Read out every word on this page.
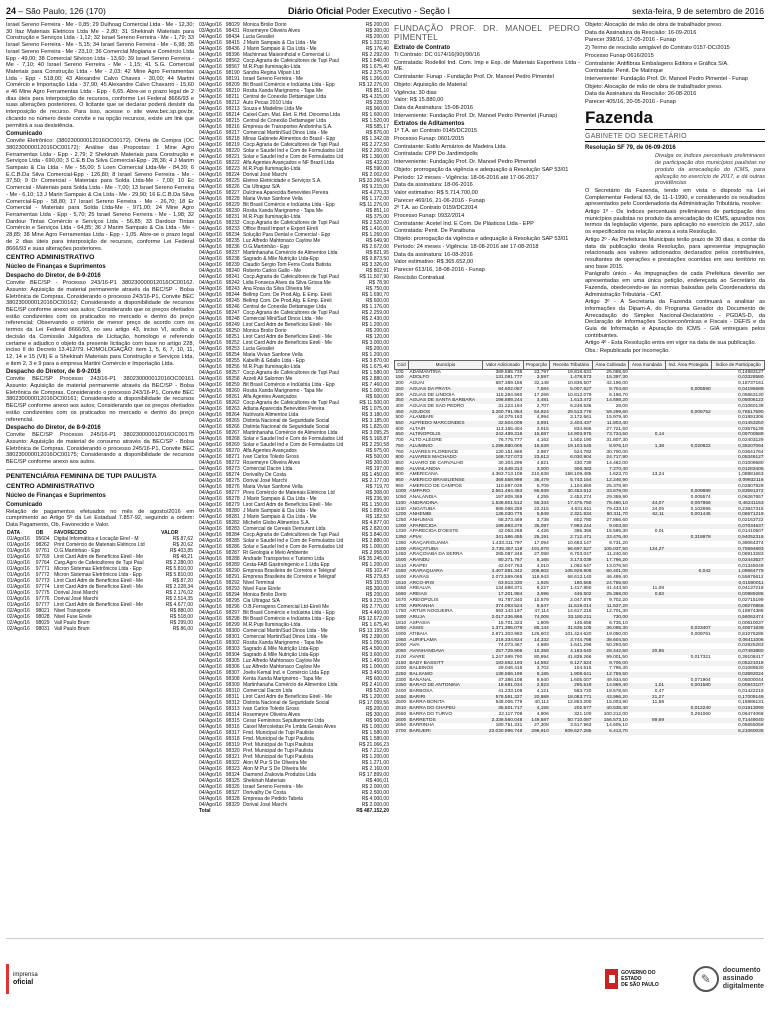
24 – São Paulo, 126 (170)	Diário Oficial Poder Executivo - Seção I	sexta-feira, 9 de setembro de 2016

Israel Sereno Ferreira - Me - 0,85; 29 Dulhoag Comercial Ltda - Me - 12,30; 30 Itaz Materiais Eletricos Ltda Me - 2,80; 31 Shekinah Materiais para Construção e Serviços Ltda - 1,12; 32 Israel Sereno Ferreira - Me - 1,79; 33 Israel Sereno Ferreira - Me - 5,15; 34 Israel Sereno Ferreira - Me - 6,98; 35 Israel Sereno Ferreira - Me - 23,10; 36 Comercial Mogiana e Comércio Ltda Epp - 49,00; 38 Comercial Silvicon Ltda - 13,60; 39 Israel Sereno Ferreira - Me - 7,10; 40 Israel Sereno Ferreira - Me - 1,15; 41 S.G. Comercial Materiais para Construção Ltda - Me - 2,03; 42 Mine Agro Ferramentas Ltda - Epp - 518,00; 43 Alexandre Calvo Chaves - 30,00; 44 Martini Comércio e Importação Ltda - 37,90; 45 Alexandre Calvo Chavarro - 15,60 e 46 Mine Agro Ferramentas Ltda - Epp - 6,65. Abre-se o prazo legal de 2 dias úteis para interposição de recursos, conforme Lei Federal 8666/93 e suas alterações posteriores. O licitante que se declarar poderá desistir da interposição de recurso. Para isso, acesse o site www.bec.sp.gov.br, clicando no número deste convite e na opção recursos, existe um link que permitirá a sua desistência.

Comunicado

Convite Eletrônico: (380230000012016OC00172). Oferta de Compra (OC 380230000012016OC00172): Análise das Propostas: 1 Mine Agro Ferramentas Ltda - Epp - 2,79; 2 Shekinah Materiais para Construção e Serviços Ltda - 690,00; 3 C.E.B.Da Silva Comercial-Epp - 28,36; 4 J Marim Sampaio & Cia Ltda - Me - 55,00; 5 Loen Comercial Ltda-Me - 84,39; 6 E.C.B.Da Silva Comercial-Epp - 126,80; 8 Israel Sereno Ferreira - Me - 37,50; 9 Dr Comercial - Materiais para Solda Ltda-Me - 7,00; 10 Ec Comercial - Materiais para Solda Ltda - Me - 7,00; 13 Israel Sereno Ferreira - Me - 6,10; 13 J Marin Sampaio & Cia Ltda - Me - 29,90; 16 E.C.B.Da Silva Comercial-Epp - 58,80; 17 Israel Sereno Ferreira - Me - 26,70; 18 Er Comercial - Materiais para Solda Ltda-Me - 971,00; 24 Mine Agro Ferramentas Ltda - Epp - 5,70; 25 Israel Sereno Ferreira - Me - 1,98; 32 Dardour Tintas Comércio e Serviços Ltda - 56,85; 33 Dardour Tintas Comércio e Serviços Ltda - 64,85; 36 J Marim Sampaio & Cia Ltda - Me - 28,85; 38 Mine Agro Ferramentas Ltda - Epp - 1,05. Abre-se o prazo legal de 2 dias úteis para interposição de recursos, conforme Lei Federal 8666/93 e suas alterações posteriores.

CENTRO ADMINISTRATIVO
Núcleo de Finanças e Suprimentos
Despacho do Diretor, de 8-9-2016

Convite BEC/SP - Processo 243/16-P1 380230000012016OC00162. Assunto: Aquisição de material permanente através da BEC/SP - Bolsa Eletrônica de Compras. Considerando o processo 243/16-P1, Convite BEC 380230000012016OC00162; Considerando a disponibilidade de recursos BEC/SP conforme anexo aos autos; Considerando que os preços ofertados estão condizentes com os praticados no mercado e dentro do preço referencial; Observando o critério de menor preço de acordo com os termos da Lei Federal 8666/93, no seu artigo 43, inciso VI, acolho a decisão da Comissão Julgadora de Licitação, homologo e referendo certame e adjudico o objeto da presente licitação com base no artigo 228, inciso II do Decreto 13.412/79. HOMOLOGAÇÃO: item 1, 5, 6, 7, 10, 11, 12, 14 e 15 (VII) E a Shekinah Materiais para Construção e Serviços Ltda, e item 2, 3 e 9 para a empresa Martini Comércio e Importação Ltda.

Despacho do Diretor, de 8-9-2016

Convite BEC/SP Processo 243/16-P1 380230000012016OC00161 Assunto: Aquisição de material permanente através da BEC/SP - Bolsa Eletrônica de Compras. Considerando o processo 243/16-P1, Convite BEC 380230000012016OC00161; Considerando a disponibilidade de recursos BEC/SP conforme anexo aos autos; Considerando que os preços ofertados estão condizentes com os praticados no mercado e dentro do preço referencial.

Despacho do Diretor, de 8-9-2016

Convite BEC/SP Processo 245/16-P1 380230000012016OC00175 Assunto: Aquisição de material de consumo através da BEC/SP - Bolsa Eletrônica de Compras. Considerando o processo 245/16-P1, Convite BEC 380230000012016OC00175; Considerando a disponibilidade de recursos BEC/SP conforme anexo aos autos.

PENITENCIÁRIA FEMININA DE TUPI PAULISTA
CENTRO ADMINISTRATIVO
Núcleo de Finanças e Suprimentos
Comunicado

Relação de pagamentos efetuados no mês de agosto/2016 em cumprimento ao Artigo 5º da Lei Estadual 7.857-92, seguindo a ordem: Data Pagamento, Ob, Favorecido e Valor.

DATA	OB	FAVORECIDO	VALOR
01/Ago/16	95604	Digital Informática e Locação Eirel - M	R$ 87,62
01/Ago/16	98262	Print Comércio de Materiais Elétricos Ltd	R$ 20,62
01/Ago/16	97761	O.G.Martinhao - Epp	R$ 403,85
01/Ago/16	97769	Lirot Card Adm de Benefícios Eireli - Me	R$ 48,21
01/Ago/16	97764	Carg.Agro de Cafeicultores de Tupi Paul	R$ 2.280,00
01/Ago/16	97771	Micron Sistemas Eletrônicos Ltda - Epp	R$ 5.810,00
01/Ago/16	97772	Micron Sistemas Eletrônicos Ltda - Epp	R$ 5.810,00
01/Ago/16	97773	Lirot Card Adm de Benefícios Eireli - Me	R$ 87,20
01/Ago/16	97774	Lirot Card Adm de Benefícios Eireli - Me	R$ 2.228,34
01/Ago/16	97775	Dorival José Marchi	R$ 2.176,02
01/Ago/16	97776	Dorival José Marchi	R$ 2.514,35
01/Ago/16	97777	Lirot Card Adm de Benefícios Eireli - Me	R$ 4.677,00
02/Ago/16	98021	Nivel Transporte	R$ 880,00
02/Ago/16	98028	Nivel Fuse Eirele	R$ 518,00
02/Ago/16	98029	Vall Paulo Brum	R$ 299,00
02/Ago/16	98031	Vall Paulo Brum	R$ 86,00
03/Ago/16	98029	Monica Brolio Dorio	R$ 200,00
03/Ago/16	98431	Rosemeyre Oliveira Alves	R$ 300,00
04/Ago/16	98434	Lucia Gessilei	R$ 200,00
04/Ago/16	98415	J Marin Sampaio & Cia Ltda - Me	R$ 1.332,50
04/Ago/16	98436	J Marin Sampaio & Cia Ltda - Me	R$ 176,40
04/Ago/16	98396	Machinnas Maisonthcial e Comercial Li	R$ 2.292,00
04/Ago/16	98562	Cocp.Agraria de Cafeicultores de Tupi Paul	R$ 1.840,00
04/Ago/16	98567	M.R.Pupi Iluminação-Ltda	R$ 1.675,40
04/Ago/16	98190	Sandra Regina Vilpan Ltd	R$ 2.375,00
04/Ago/16	98191	Israel Sereno Ferreira - Me	R$ 1.266,00
04/Ago/16	98209	Bit Brasil Comércio e Indústria Ltda - Epp	R$ 12.276,00
04/Ago/16	98210	Rosita Xanda Marignomo - Tapa Me	R$ 851,10
04/Ago/16	98211	Central de Conexão Dettamager Ltda	R$ 4.315,00
04/Ago/16	98212	Auto Pecas 2010 Ltda	R$ 228,00
04/Ago/16	98213	Souza e Madeline Ltda Me	R$ 960,00
04/Ago/16	98214	Caixel Cam. Mat. Elet. E Hid. Diocema Ltda	R$ 1.600,00
04/Ago/16	98215	Central de Conexão Dettamager Ltda	R$ 1.520,00
04/Ago/16	98216	Empresa de Transportes Andorinha S.A.	R$ 585,17
04/Ago/16	98217	Comercial Martin/Sud Dinos Ltda - Me	R$ 876,00
04/Ago/16	98218	Minas Gabinete Alimentos do Brasil - Epp	R$ 1.342,08
04/Ago/16	98219	Cocp.Agraria de Cafeicultores de Tupi Paul	R$ 2.272,50
04/Ago/16	98220	Solar e Saudel Ind e Com de Formulados Ltd	R$ 2.200,00
04/Ago/16	98221	Solar e Saudel Ind e Com de Formulados Ltd	R$ 1.360,00
04/Ago/16	98222	Alfa Agentes Avançados e NF Brazil Ltda	R$ 432,00
04/Ago/16	98223	M.R.Pupi Iluminação-Ltda	R$ 590,00
04/Ago/16	98224	Dorival José Marchi	R$ 2.002,00
04/Ago/16	98225	Eletrex Eletricidade e Serviços S.A.	R$ 33.260,54
04/Ago/16	98226	Cia Ultragaz S/A	R$ 9.215,00
04/Ago/16	98227	Dulcinea Aparecida Benevides Pereira	R$ 4.270,33
04/Ago/16	98228	Maria Vivian Sanfone Vella	R$ 1.172,00
04/Ago/16	98229	Bit Brasil Comércio e Indústria Ltda - Epp	R$ 11.276,00
04/Ago/16	98230	Rosita Xanda Marignomo - Tapa Me	R$ 851,10
04/Ago/16	98231	M.R.Pupi Iluminação-Ltda	R$ 375,00
04/Ago/16	98232	Cocp.Agraria de Cafeicultores de Tupi Paul	R$ 2.520,00
04/Ago/16	98233	Office Brasil Import e Export Eireli	R$ 1.416,00
04/Ago/16	98234	Solução Para Dental e Comercial - Epp	R$ 1.260,00
04/Ago/16	98235	Luz Alfredo Mahtonaco Caylow Me	R$ 649,90
04/Ago/16	98236	O.G.Martinhão - Epp	R$ 2.672,00
04/Ago/16	98237	Martinhanaha Comércio de Alimentos Ltda	R$ 821,95
04/Ago/16	98238	Sagrado & Mile Nutrição Ltda-Epp	R$ 9.873,50
04/Ago/16	98239	Claudio Sergio Tom Ferra Costa Batista	R$ 3.326,00
04/Ago/16	98240	Roberto Carlos Gallo - Me	R$ 802,91
04/Ago/16	98241	Cocp.Agraria de Cafeicultores de Tupi Paul	R$ 11.507,90
04/Ago/16	98242	Lidia Fonseca Alves da Silva Grissa Me	R$ 78,90
04/Ago/16	98243	Ana Rosa da Silva Oliveira Me	R$ 750,00
04/Ago/16	98244	Bellmp Com. De Prod.Alg. E Emp. Eireli	R$ 1.690,70
04/Ago/16	98245	Bellmp Com. De Prod.Alg. E Emp. Eireli	R$ 600,00
04/Ago/16	98246	Central de Conexão Dettamager Ltda	R$ 1.176,00
04/Ago/16	98247	Cocp.Agraria de Cafeicultores de Tupi Paul	R$ 2.259,00
04/Ago/16	98248	Comercial Mini/Sud Dinos Ltda - Me	R$ 2.430,00
04/Ago/16	98249	Lirot Card Adm de Benefícios Eireli - Me	R$ 1.200,00
04/Ago/16	98250	Monica Brolio Dorio	R$ 200,00
04/Ago/16	98251	Lirot Card Adm de Benefícios Eireli - Me	R$ 120,00
04/Ago/16	98252	Lirot Card Adm de Benefícios Eireli - Me	R$ 3.000,00
04/Ago/16	98253	Lucia Gessilei	R$ 200,00
04/Ago/16	98254	Maria Vivian Sanfone Vella	R$ 1.200,00
04/Ago/16	98255	Kabellh & Gdallo Ltda - Epp	R$ 3.870,00
04/Ago/16	98256	M.R.Pupi Iluminação-Ltda	R$ 1.675,40
04/Ago/16	98257	Cocp.Agraria de Cafeicultores de Tupi Paul	R$ 1.580,00
04/Ago/16	98258	Azzeli Ali Salomon Me	R$ 2.880,00
04/Ago/16	98259	Bit Brasil Comércio e Indústria Ltda - Epp	R$ 7.460,00
04/Ago/16	98260	Rosita Xanda Marignomo - Tapa Me	R$ 1.000,00
04/Ago/16	98261	Alfa Agentes Avançados	R$ 600,00
04/Ago/16	98262	Cocp.Agraria de Cafeicultores de Tupi Paul	R$ 11.500,00
04/Ago/16	98263	Adiana Aparecida Benevides Pereira	R$ 1.075,00
04/Ago/16	98264	Nutrivaris Alimentos Ltda	R$ 3.180,00
04/Ago/16	98265	Distinta Nacional de Seguridade Social	R$ 3.185,00
04/Ago/16	98266	Distinta Nacional de Seguridade Social	R$ 1.825,00
04/Ago/16	98267	Martinhanaha Comércio de Alimentos Ltda	R$ 3.095,25
04/Ago/16	98268	Solar e Saudel Ind e Com de Formulados Ltd	R$ 5.168,87
04/Ago/16	98269	Solar e Saudel Ind e Com de Formulados Ltd	R$ 2.250,58
04/Ago/16	98270	Alfa Agentes Avançados	R$ 975,00
04/Ago/16	98271	Ivan Carlos Toledo Gross	R$ 500,00
04/Ago/16	98272	Rosemeyre Oliveira Alves	R$ 300,00
04/Ago/16	98273	Comercial Dacon Ltda	R$ 197,00
04/Ago/16	98274	Dorivalhy De Costa	R$ 1.450,00
04/Ago/16	98275	Dorival José Marchi	R$ 2.177,00
04/Ago/16	98276	Maria Vivian Sanfone Vella	R$ 719,70
04/Ago/16	98277	Pires Comércio de Materiais Elétricos Ltd	R$ 308,00
04/Ago/16	98278	J Marin Sampaio & Cia Ltda - Me	R$ 236,90
04/Ago/16	98279	Lirot Card Adm de Benefícios Eireli - Me	R$ 1.150,00
04/Ago/16	98280	J Marin Sampaio & Cia Ltda - Me	R$ 1.899,00
04/Ago/16	98281	J Marin Sampaio & Cia Ltda - Me	R$ 182,50
04/Ago/16	98282	Michelin Globo Alimentos S.A.	R$ 4.877,00
04/Ago/16	98283	Comercial de Cereais Demurant Ltda	R$ 2.820,00
04/Ago/16	98284	Cocp.Agraria de Cafeicultores de Tupi Paul	R$ 3.840,00
04/Ago/16	98285	Solar e Saudel Ind e Com de Formulados Ltd	R$ 2.880,00
04/Ago/16	98286	Solar e Saudel Ind e Com de Formulados Ltd	R$ 1.000,00
04/Ago/16	98287	Rt Geologia e Meio Ambiente	R$ 2.958,00
04/Ago/16	98288	Andrade Transportes e Turismo Ltda	R$ 35.245,00
04/Ago/16	98289	Cesta-FAB Gastroingenio e 1 Ltda Epp	R$ 1.200,00
04/Ago/16	98290	Empresa Brasileira de Correios e Telégraf	R$ 102,47
04/Ago/16	98291	Empresa Brasileira de Correios e Telégraf	R$ 279,83
04/Ago/16	98292	Nivel Terminal	R$ 150,00
04/Ago/16	98293	Nivel Fuse Eirele	R$ 300,00
04/Ago/16	98294	Monica Brolio Dorio	R$ 200,00
04/Ago/16	98295	Cia Ultragaz S/A	R$ 9.215,00
04/Ago/16	98296	O.B.Ferragens Comercial Ltd-Eireli Me	R$ 2.770,00
04/Ago/16	98297	Bit Brasil Comércio e Indústria Ltda - Epp	R$ 4.460,00
04/Ago/16	98298	Bit Brasil Comércio e Indústria Ltda - Epp	R$ 12.672,00
04/Ago/16	98299	M.R.Pupi Iluminação-Ltda	R$ 1.675,40
04/Ago/16	98300	Comercial Martin/Sud Dinos Ltda - Me	R$ 13.199,56
04/Ago/16	98301	Comercial Martin/Sud Dinos Ltda - Me	R$ 2.390,00
04/Ago/16	98302	Rosita Xanda Marignomo - Tapa Me	R$ 1.050,00
04/Ago/16	98303	Sagrado & Mile Nutrição Ltda-Epp	R$ 4.500,00
04/Ago/16	98304	Sagrado & Mile Nutrição Ltda-Epp	R$ 3.600,00
04/Ago/16	98305	Luz Alfredo Mahtonaco Caylow Me	R$ 1.450,00
04/Ago/16	98306	Luz Alfredo Mahtonaco Caylow Me	R$ 1.000,00
04/Ago/16	98307	Joelis Kemal Ind. e Comércio Ltda Epp	R$ 3.450,00
04/Ago/16	98308	Kenta Xanda Marignomo - Tapa Me	R$ 600,00
04/Ago/16	98309	Martinhanaha Comércio de Alimentos Ltda	R$ 2.410,00
04/Ago/16	98310	Comercial Dacon Ltda	R$ 520,00
04/Ago/16	98311	Lirot Card Adm de Benefícios Eireli - Me	R$ 1.200,00
04/Ago/16	98312	Distinta Nacional de Seguridade Social	R$ 17.099,56
04/Ago/16	98313	Ivan Carlos Toledo Gross	R$ 200,00
04/Ago/16	98314	Rosemeyre Oliveira Alves	R$ 300,00
04/Ago/16	98315	Cesar Femininos Sepultamento Ltda	R$ 900,00
04/Ago/16	98316	Caixel Mercoleitas Pe Lmtda Gerais Alves	R$ 1.000,00
04/Ago/16	98317	Fmd. Municipal de Tupi Paulista	R$ 1.580,00
04/Ago/16	98318	Fmd. Municipal de Tupi Paulista	R$ 1.580,00
04/Ago/16	98319	Pref. Municipal de Tupi Paulista	R$ 21.066,23
04/Ago/16	98320	Pref. Municipal de Tupi Paulista	R$ 7.212,00
04/Ago/16	98321	Pref. Municipal de Tupi Paulista	R$ 1.200,00
04/Ago/16	98322	Alon M Pur S De Oliveira Me	R$ 1.271,00
04/Ago/16	98323	Alon M Pur S De Oliveira Me	R$ 2.160,00
04/Ago/16	98324	Diamond Zrakovia Produtos Ltda	R$ 17.899,00
04/Ago/16	98325	Shekinah Materiais	R$ 406,01
04/Ago/16	98326	Israel Sereno Ferreira - Me	R$ 2.000,00
04/Ago/16	98327	Dorivalhy De Costa	R$ 2.500,00
04/Ago/16	98328	Empresa de Pedido Tabela	R$ 4.000,00
04/Ago/16	98329	Dorival José Marchi	R$ 2.000,00
Total			R$ 487.152,20
FUNDAÇÃO PROF. DR. MANOEL PEDRO PIMENTEL
Extrato de Contrato

Ti Contrato: DC 0174/16(90)/90/16

Contratada: Rodellol Ind. Com. Imp e Exp. de Materiais Esportivos Ltda - ME.

Contratante: Funap - Fundação Prof. Dr. Manoel Pedro Pimentel

Objeto: Aquisição de Material

Vigência: 30 dias

Valor: R$ 15.880,00

Data da Assinatura: 15-08-2016

Interveniente: Fundação Prof. Dr. Manoel Pedro Pimentel (Funap)

Extratos de Aditamentos

1º T.A. ao Contrato 0145/DC2015

Processo Funap: 0601/2015

Contratante: Estilo Armários de Madeira Ltda

Contratada: CPP Do Jardimópolis

Interveniente: Fundação Prof. Dr. Manoel Pedro Pimentel

Objeto: prorrogação da vigência e adequação à Resolução SAP 53/01

Período: 12 meses - Vigência: 18-06-2016 até 17-06-2017

Data da assinatura: 18-06-2016

Valor estimativo: R$ 5.714.700,00

Parecer 469/16, 21-06-2016 - Funap

2º T.A. ao Contrato 0159/DC2014

Processo Funap: 0932/2014

Contratante: Acetel Ind. E Com. De Plásticos Ltda - EPP

Contratada: Penit. De Paraibuna

Objeto: prorrogação da vigência e adequação à Resolução SAP 53/01

Período: 24 meses - Vigência: 18-08-2016 até 17-08-2018

Data da assinatura: 16-08-2016

Valor estimativo: R$ 365.652,00

Parecer 613/16, 18-08-2016 - Funap

Rescisão Contratual

Objeto: Alocação de mão de obra de trabalhador preso.

Data da Assinatura da Rescisão: 16-09-2016

Parecer 398/16, 17-05-2016 - Funap

2) Termo de rescisão amigável do Contrato 0157-DC/2015

Processo Funap 0616/2015

Contratante: Antifibras Embalagens Editora e Gráfica S/A.

Contratada: Penit. De Maiinque

Interveniente: Fundação Prof. Dr. Manoel Pedro Pimentel - Funap

Objeto: Alocação de mão de obra de trabalhador preso.

Data da Assinatura da Rescisão: 26-08-2016

Parecer 405/16, 20-05-2016 - Funap

Fazenda
GABINETE DO SECRETÁRIO
Resolução SF 79, de 06-09-2016

Divulga os índices percentuais preliminares de participação dos municípios paulistas no produto da arrecadação do ICMS, para aplicação no exercício de 2017, e dá outras providências

O Secretário da Fazenda, tendo em vista o disposto na Lei Complementar Federal 63, de 11-1-1990, e considerando os resultados apresentados pelo Coordenadoria da Administração Tributária, resolve:

Artigo 1º - Os índices percentuais preliminares de participação dos municípios paulistas no produto da arrecadação do ICMS, apurados nos termos da legislação vigente, para aplicação no exercício de 2017, são os especificados na relação anexa a esta Resolução.

Artigo 2º - As Prefeituras Municipais terão prazo de 30 dias, a contar da data da publicação desta Resolução, para apresentar impugnação relacionada aos valores adicionados declarados pelos contribuintes, resultantes de operações e prestações ocorridas em seu território no ano base 2015.

Parágrafo único - As impugnações de cada Prefeitura deverão ser apresentadas em uma única petição, endereçada ao Secretário da Fazenda, obedecendo-se às normas baixadas pela Coordenadoria da Administração Tributária - CAT.

Artigo 3º - A Secretaria da Fazenda continuará a analisar as informações da Dipam-A, do Programa Gerador do Documento de Arrecadação do Simples Nacional-Declaratório - PGDAS-D, da Declaração de Informações Socioeconômicas e Fiscais - DEFIS e da Guia de Informação e Apuração do ICMS - GIA entregues pelos contribuintes.

Artigo 4º - Esta Resolução entra em vigor na data de sua publicação.

Obs.: Republicada por incorreção.

Cód	Município	Valor Adicionado	Proporção	Receita Tributária	Área Cultivada	Área Inundada	Índ. Área Protegida	Índice de Participação
100	ADAMANTINA	389.595.735	23,797	19.818.631	25.098,60			0,14883127
150	ADOLFO	131.091.777	3,597	1.478.573	15.397,30			0,03328580
200	AGUAÍ	687.389.156	32,148	10.836.507	42.196,00			0,18737161
250	ÁGUAS DA PRATA	84.602.087	7,584	5.007.627	9.704,60		0,005590	0,04195589
300	ÁGUAS DE LINDÓIA	115.284.560	17,266	10.812.079	6.196,70			0,05663130
350	ÁGUAS DE SANTA BÁRBARA	198.889.244	3,481	1.613.472	14.698,20			0,05006122
400	ÁGUAS DE SÃO PEDRO	31.223.194	2,707	6.248.536	28,00			0,01060139
450	AGUDOS	3.260.791.954	54,924	29.513.776	59.299,60		0,006752	0,76517590
500	ALAMBARI	44.079.163	4,994	3.172.561	15.979,40			0,01891306
550	ALFREDO MARCONDES	32.504.008	3,891	2.403.437	11.803,40			0,01453250
600	ALTAIR	113.165.404	3,915	834.666	27.721,60			0,03576139
650	ALTINÓPOLIS	242.489.316	15,687	14.903.975	73.734,50	0,14		0,09700589
700	ALTO ALEGRE	76.775.777	4,162	1.502.190	31.807,30			0,02403129
750	ALUMÍNIO	1.296.680.005	16,639	19.103.545	8.976,10	1,38	0,020822	0,38207094
760	ÁLVARES FLORENCE	130.151.966	3,987	524.782	30.700,00			0,03641764
800	ÁLVARES MACHADO	168.727.073	23,613	6.030.904	24.717,90			0,05346127
850	ÁLVARO DE CARVALHO	30.304.299	4,821	430.739	14.462,00			0,01009580
860	ALVINLÂNDIA	24.549.313	3,000	306.383	7.270,40			0,01283405
900	AMERICANA	4.363.713.109	210,638	158.109.485	1.623,70	13,24		1,08881663
950	AMÉRICO BRASILIENSE	366.558.999	36,479	5.743.154	12.246,90			0,09932116
960	AMÉRICO DE CAMPOS	110.597.035	5,709	1.104.860	25.378,90			0,02807929
1000	AMPARO	2.561.484.483	65,939	30.453.612	33.678,00		0,009889	0,83591372
1050	ANALÂNDIA	197.809.369	4,255	2.452.274	29.359,90		0,005574	0,06267657
1100	ANDRADINA	1.538.601.512	55,334	17.475.750	78.460,10	44,07	0,067866	0,46241153
1150	ANGATUBA	685.068.259	22,315	4.631.611	79.433,10	24,05	0,102696	0,23847315
1200	ANHEMBI	136.030.775	5,849	2.321.934	60.311,70	62,11	0,001445	0,06571219
1250	ANHUMAS	68.373.469	3,738	602.780	27.866,60			0,02163722
1300	APARECIDA	199.693.276	35,097	7.993.244	9.003,60			0,07034637
1330	APARECIDA D'OESTE	42.053.268	4,426	386.366	15.595,30	0,01		0,01410507
1350	APIAÍ	341.586.455	25,191	2.712.471	33.476,40		0,319978	0,94052316
1360	ARAÇARIGUAMA	1.433.311.797	17,094	10.663.147	9.731,20			0,38064374
1400	ARAÇATUBA	2.735.367.119	191,978	56.697.527	105.037,50	134,27		0,75594893
1450	ARAÇOIABA DA SERRA	285.087.346	27,088	6.703.047	11.240,60			0,08913283
1500	ARANDU	80.271.767	6,165	3.173.039	17.796,20			0,02443527
1510	ARAPEÍ	42.047.763	4,010	1.092.547	13.076,50			0,01345049
1550	ARARAQUARA	4.407.891.342	208,602	106.928.808	80.401,00		0,042	1,09664779
1600	ARARAS	2.073.589.065	118,943	68.613.140	46.499,40			0,55876612
1610	ARCO-ÍRIS	63.913.330	1,925	180.566	24.765,60			0,01590011
1650	AREALVA	134.888.371	8,227	1.417.850	41.443,50	11,08		0,04137218
1660	AREIAS	17.201.984	3,696	446.502	25.368,00	0,82		0,00989285
1670	AREIÓPOLIS	91.787.340	10,579	2.047.876	9.702,20			0,02715199
1700	ARIRANHA	374.083.524	8,547	11.519.014	11.537,20			0,09270866
1750	ARTUR NOGUEIRA	692.143.197	47,114	14.617.216	12.701,30			0,18974386
1800	ARUJÁ	2.017.236.866	74,008	33.180.211	730,00			0,56062474
1810	ASPÁSIA	15.701.323	1,809	146.658	6.735,10			0,00610037
1850	ASSIS	1.371.386.079	85,144	31.635.105	36.095,30		0,023407	0,40671838
1900	ATIBAIA	2.871.303.983	126,603	101.424.620	19.050,00		0,009761	0,81076286
1950	AURIFLAMA	216.334.824	14,332	3.744.768	38.604,50			0,06411006
2000	AVAÍ	74.073.467	4,889	1.641.296	50.293,60			0,02825283
2050	AVANHANDAVA	257.729.906	10,358	4.163.640	28.442,50	20,85		0,07493880
2100	AVARÉ	1.247.599.790	80,994	41.839.266	99.001,50		0,017321	0,39108417
2150	BADY BASSITT	183.662.193	14,592	6.127.524	9.706,00			0,05221018
2200	BALBINOS	29.046.415	3,702	104.515	7.795,30			0,01089530
2250	BÁLSAMO	138.566.199	8,185	1.908.641	12.759,50			0,03892024
2300	BANANAL	47.386.108	9,940	1.605.007	49.934,60		0,071904	0,05000044
2350	BARÃO DE ANTONINA	18.681.034	2,823	296.519	14.869,40	1,01	0,001580	0,00843107
2400	BARBOSA	41.233.108	4,121	583.720	18.578,60	0,47		0,01422219
2450	BARIRI	578.591.327	20,989	18.083.771	43.996,20	21,27		0,17009149
2500	BARRA BONITA	548.006.779	40,114	12.853.200	15.003,90	11,58		0,15986131
2510	BARRA DO CHAPÉU	35.601.717	4,155	202.577	40.538,40		0,012240	0,01913090
2550	BARRA DO TURVO	22.117.709	4,906	321.100	100.212,00		0,291060	0,06474068
2600	BARRETOS	2.338.560.048	149,587	50.710.087	156.573,10	89,69		0,71449040
2650	BARRINHA	180.751.331	27,308	3.517.963	14.605,10			0,05655059
2700	BARUERI	23.030.996.748	296,910	609.627.285	6.413,70			6,21060036
imprensa
oficial
GOVERNO DO ESTADO
DE SÃO PAULO	✎
documento
assinado
digitalmente
